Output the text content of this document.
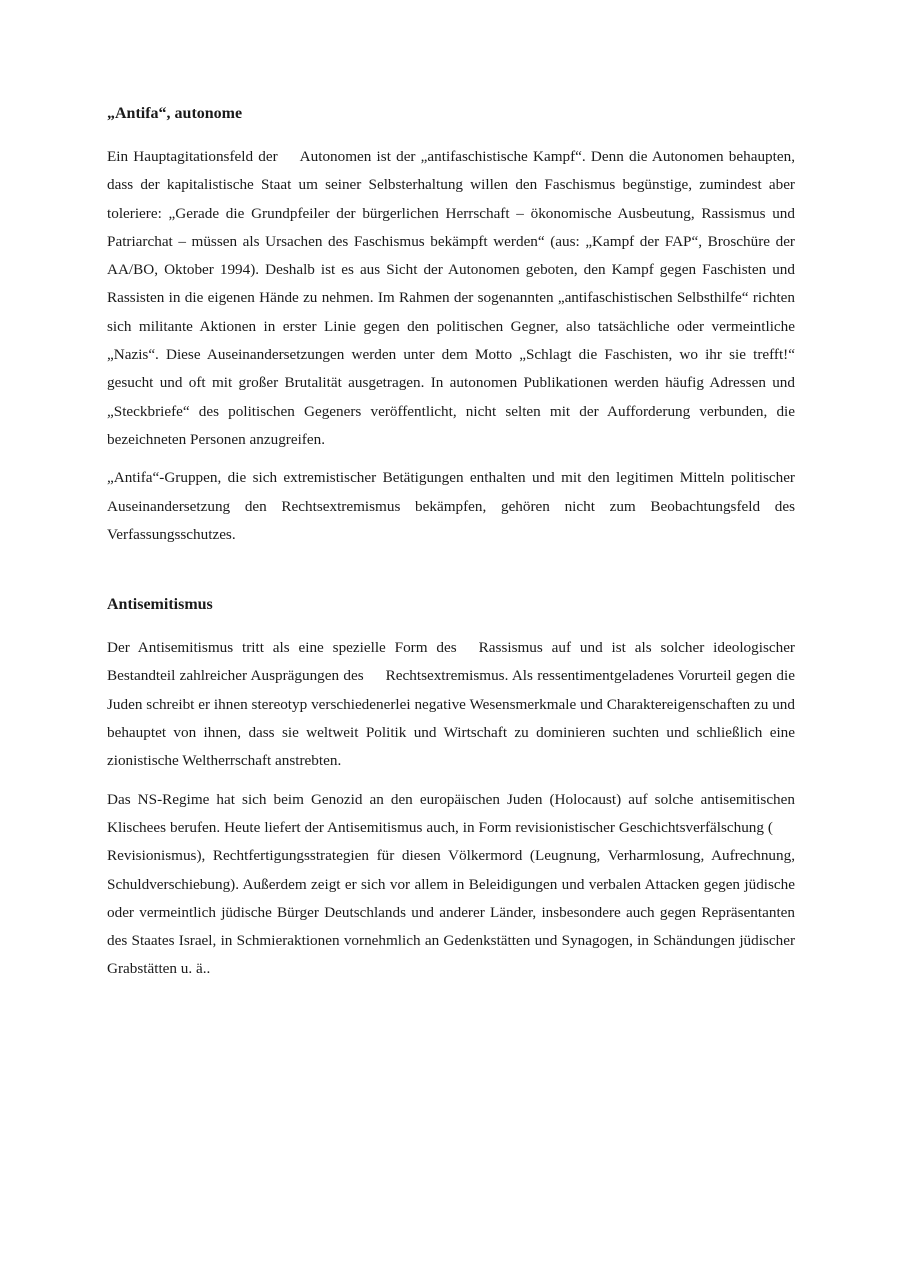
„Antifa“, autonome

Ein Hauptagitationsfeld der Autonomen ist der „antifaschistische Kampf“. Denn die Autonomen behaupten, dass der kapitalistische Staat um seiner Selbsterhaltung willen den Faschismus begünstige, zumindest aber toleriere: „Gerade die Grundpfeiler der bürgerlichen Herrschaft – ökonomische Ausbeutung, Rassismus und Patriarchat – müssen als Ursachen des Faschismus bekämpft werden“ (aus: „Kampf der FAP“, Broschüre der AA/BO, Oktober 1994). Deshalb ist es aus Sicht der Autonomen geboten, den Kampf gegen Faschisten und Rassisten in die eigenen Hände zu nehmen. Im Rahmen der sogenannten „antifaschistischen Selbsthilfe“ richten sich militante Aktionen in erster Linie gegen den politischen Gegner, also tatsächliche oder vermeintliche „Nazis“. Diese Auseinandersetzungen werden unter dem Motto „Schlagt die Faschisten, wo ihr sie trefft!“ gesucht und oft mit großer Brutalität ausgetragen. In autonomen Publikationen werden häufig Adressen und „Steckbriefe“ des politischen Gegeners veröffentlicht, nicht selten mit der Aufforderung verbunden, die bezeichneten Personen anzugreifen.

„Antifa“-Gruppen, die sich extremistischer Betätigungen enthalten und mit den legitimen Mitteln politischer Auseinandersetzung den Rechtsextremismus bekämpfen, gehören nicht zum Beobachtungsfeld des Verfassungsschutzes.

Antisemitismus

Der Antisemitismus tritt als eine spezielle Form des Rassismus auf und ist als solcher ideologischer Bestandteil zahlreicher Ausprägungen des Rechtsextremismus. Als ressentimentgeladenes Vorurteil gegen die Juden schreibt er ihnen stereotyp verschiedenerlei negative Wesensmerkmale und Charaktereigenschaften zu und behauptet von ihnen, dass sie weltweit Politik und Wirtschaft zu dominieren suchten und schließlich eine zionistische Weltherrschaft anstrebten.

Das NS-Regime hat sich beim Genozid an den europäischen Juden (Holocaust) auf solche antisemitischen Klischees berufen. Heute liefert der Antisemitismus auch, in Form revisionistischer Geschichtsverfälschung (Revisionismus), Rechtfertigungsstrategien für diesen Völkermord (Leugnung, Verharmlosung, Aufrechnung, Schuldverschiebung). Außerdem zeigt er sich vor allem in Beleidigungen und verbalen Attacken gegen jüdische oder vermeintlich jüdische Bürger Deutschlands und anderer Länder, insbesondere auch gegen Repräsentanten des Staates Israel, in Schmieraktionen vornehmlich an Gedenkstätten und Synagogen, in Schändungen jüdischer Grabstätten u. ä..
